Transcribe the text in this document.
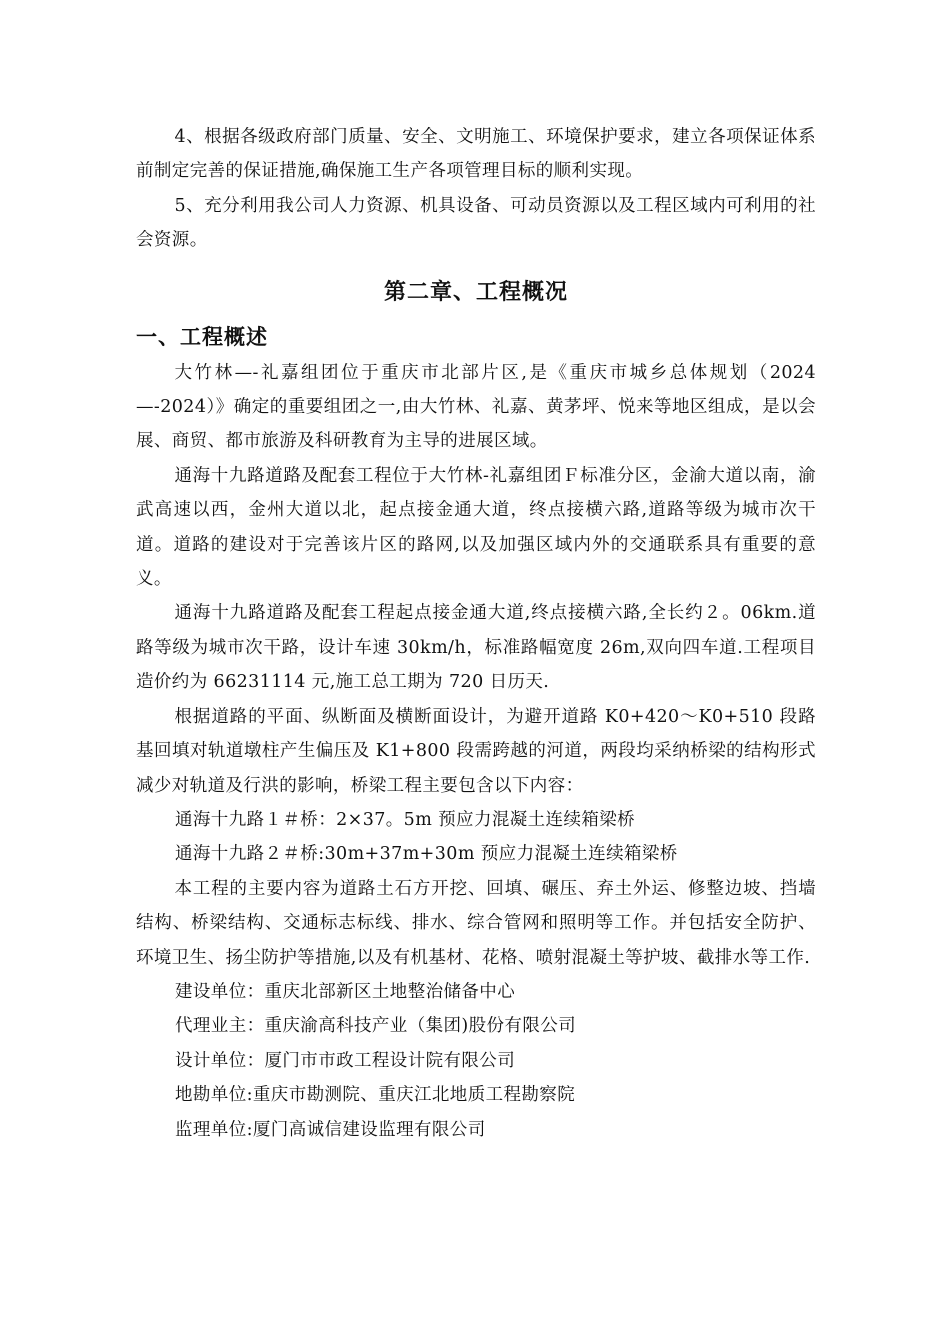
4、根据各级政府部门质量、安全、文明施工、环境保护要求，建立各项保证体系前制定完善的保证措施,确保施工生产各项管理目标的顺利实现。

5、充分利用我公司人力资源、机具设备、可动员资源以及工程区域内可利用的社会资源。

第二章、工程概况
一、工程概述

大竹林—-礼嘉组团位于重庆市北部片区,是《重庆市城乡总体规划（2024—-2024）》确定的重要组团之一,由大竹林、礼嘉、黄茅坪、悦来等地区组成，是以会展、商贸、都市旅游及科研教育为主导的进展区域。

通海十九路道路及配套工程位于大竹林-礼嘉组团Ｆ标准分区，金渝大道以南，渝武高速以西，金州大道以北，起点接金通大道，终点接横六路,道路等级为城市次干道。道路的建设对于完善该片区的路网,以及加强区域内外的交通联系具有重要的意义。

通海十九路道路及配套工程起点接金通大道,终点接横六路,全长约２。06km.道路等级为城市次干路，设计车速 30km/h，标准路幅宽度 26m,双向四车道.工程项目造价约为 66231114 元,施工总工期为 720 日历天.

根据道路的平面、纵断面及横断面设计，为避开道路 K0+420～K0+510 段路基回填对轨道墩柱产生偏压及 K1+800 段需跨越的河道，两段均采纳桥梁的结构形式减少对轨道及行洪的影响，桥梁工程主要包含以下内容：

通海十九路１＃桥：2×37。5m 预应力混凝土连续箱梁桥

通海十九路２＃桥:30m+37m+30m 预应力混凝土连续箱梁桥

本工程的主要内容为道路土石方开挖、回填、碾压、弃土外运、修整边坡、挡墙结构、桥梁结构、交通标志标线、排水、综合管网和照明等工作。并包括安全防护、环境卫生、扬尘防护等措施,以及有机基材、花格、喷射混凝土等护坡、截排水等工作.

建设单位：重庆北部新区土地整治储备中心

代理业主：重庆渝高科技产业（集团)股份有限公司

设计单位：厦门市市政工程设计院有限公司

地勘单位:重庆市勘测院、重庆江北地质工程勘察院

监理单位:厦门高诚信建设监理有限公司
